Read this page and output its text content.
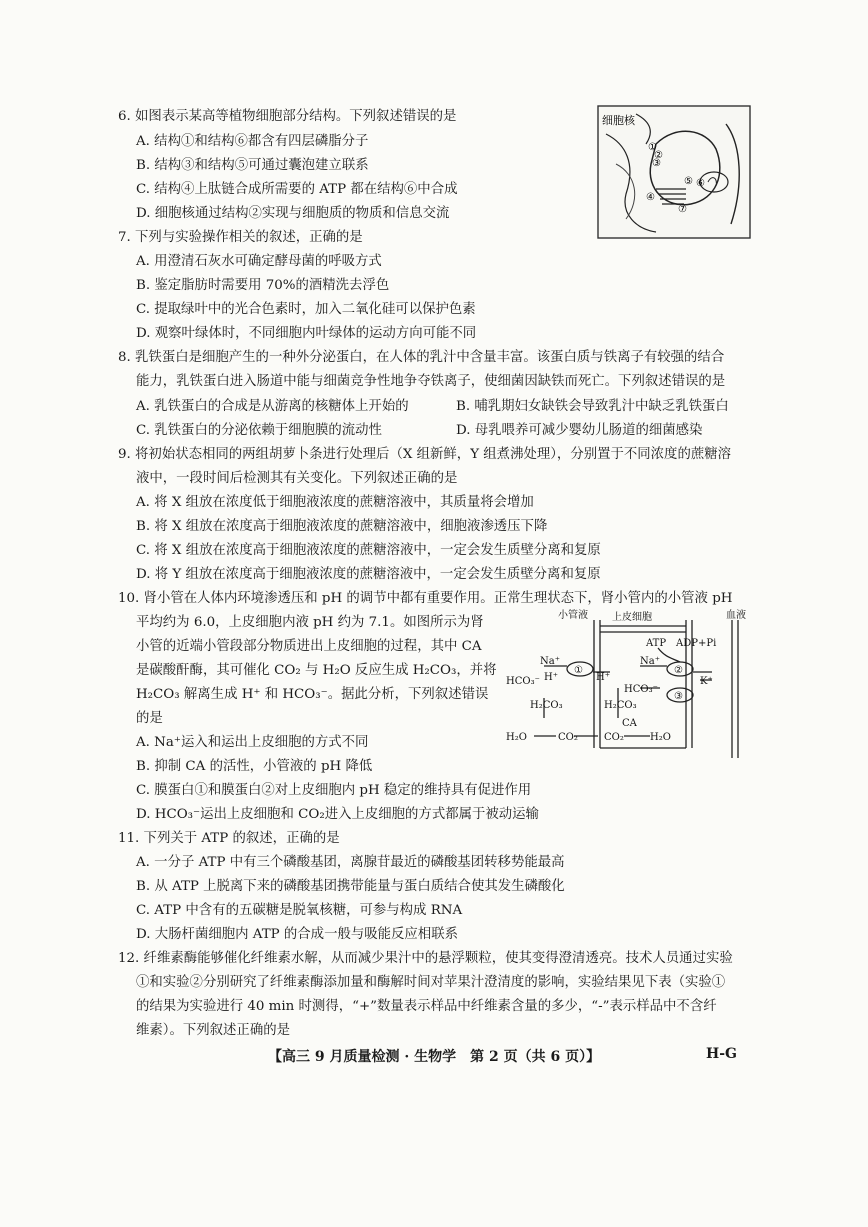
6. 如图表示某高等植物细胞部分结构。下列叙述错误的是
A. 结构①和结构⑥都含有四层磷脂分子
B. 结构③和结构⑤可通过囊泡建立联系
C. 结构④上肽链合成所需要的 ATP 都在结构⑥中合成
D. 细胞核通过结构②实现与细胞质的物质和信息交流
细胞核
①
②
③
④
⑤ ⑥
⑦
7. 下列与实验操作相关的叙述，正确的是
A. 用澄清石灰水可确定酵母菌的呼吸方式
B. 鉴定脂肪时需要用 70%的酒精洗去浮色
C. 提取绿叶中的光合色素时，加入二氧化硅可以保护色素
D. 观察叶绿体时，不同细胞内叶绿体的运动方向可能不同
8. 乳铁蛋白是细胞产生的一种外分泌蛋白，在人体的乳汁中含量丰富。该蛋白质与铁离子有较强的结合
能力，乳铁蛋白进入肠道中能与细菌竞争性地争夺铁离子，使细菌因缺铁而死亡。下列叙述错误的是
A. 乳铁蛋白的合成是从游离的核糖体上开始的	B. 哺乳期妇女缺铁会导致乳汁中缺乏乳铁蛋白
C. 乳铁蛋白的分泌依赖于细胞膜的流动性	D. 母乳喂养可减少婴幼儿肠道的细菌感染
9. 将初始状态相同的两组胡萝卜条进行处理后（X 组新鲜，Y 组煮沸处理），分别置于不同浓度的蔗糖溶
液中，一段时间后检测其有关变化。下列叙述正确的是
A. 将 X 组放在浓度低于细胞液浓度的蔗糖溶液中，其质量将会增加
B. 将 X 组放在浓度高于细胞液浓度的蔗糖溶液中，细胞液渗透压下降
C. 将 X 组放在浓度高于细胞液浓度的蔗糖溶液中，一定会发生质壁分离和复原
D. 将 Y 组放在浓度高于细胞液浓度的蔗糖溶液中，一定会发生质壁分离和复原
10. 肾小管在人体内环境渗透压和 pH 的调节中都有重要作用。正常生理状态下，肾小管内的小管液 pH
平均约为 6.0，上皮细胞内液 pH 约为 7.1。如图所示为肾
小管的近端小管段部分物质进出上皮细胞的过程，其中 CA
是碳酸酐酶，其可催化 CO₂ 与 H₂O 反应生成 H₂CO₃，并将
H₂CO₃ 解离生成 H⁺ 和 HCO₃⁻。据此分析，下列叙述错误
的是
A. Na⁺运入和运出上皮细胞的方式不同
B. 抑制 CA 的活性，小管液的 pH 降低
C. 膜蛋白①和膜蛋白②对上皮细胞内 pH 稳定的维持具有促进作用
D. HCO₃⁻运出上皮细胞和 CO₂进入上皮细胞的方式都属于被动运输
小管液 上皮细胞	血液
ATP ADP+Pi
Na⁺	Na⁺
H⁺	H⁺	K⁺
HCO₃⁻
HCO₃⁻
H₂CO₃	H₂CO₃
H₂O	CO₂	CO₂
CA
H₂O
①	②
③
11. 下列关于 ATP 的叙述，正确的是
A. 一分子 ATP 中有三个磷酸基团，离腺苷最近的磷酸基团转移势能最高
B. 从 ATP 上脱离下来的磷酸基团携带能量与蛋白质结合使其发生磷酸化
C. ATP 中含有的五碳糖是脱氧核糖，可参与构成 RNA
D. 大肠杆菌细胞内 ATP 的合成一般与吸能反应相联系
12. 纤维素酶能够催化纤维素水解，从而减少果汁中的悬浮颗粒，使其变得澄清透亮。技术人员通过实验
①和实验②分别研究了纤维素酶添加量和酶解时间对苹果汁澄清度的影响，实验结果见下表（实验①
的结果为实验进行 40 min 时测得，“+”数量表示样品中纤维素含量的多少，“-”表示样品中不含纤
维素）。下列叙述正确的是
【高三 9 月质量检测 · 生物学　第 2 页（共 6 页）】	H-G
